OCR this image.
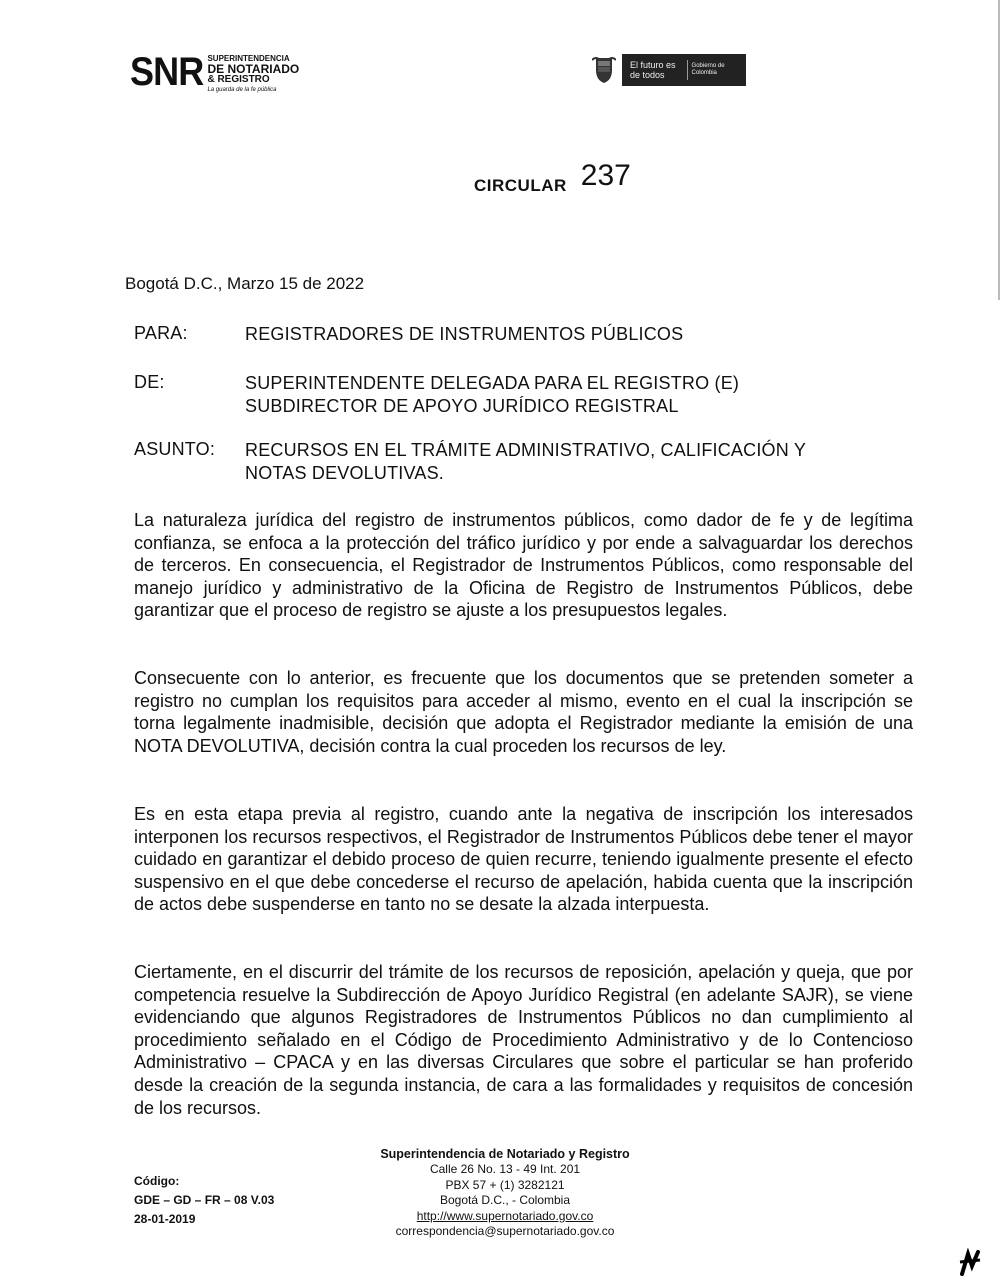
SNR SUPERINTENDENCIA
DE NOTARIADO
& REGISTRO
La guarda de la fe pública
El futuro es de todos
Gobierno de Colombia
CIRCULAR 237
Bogotá D.C., Marzo 15 de 2022
PARA:	REGISTRADORES DE INSTRUMENTOS PÚBLICOS
DE:	SUPERINTENDENTE DELEGADA PARA EL REGISTRO (E)
SUBDIRECTOR DE APOYO JURÍDICO REGISTRAL
ASUNTO: RECURSOS EN EL TRÁMITE ADMINISTRATIVO, CALIFICACIÓN Y NOTAS DEVOLUTIVAS.

La naturaleza jurídica del registro de instrumentos públicos, como dador de fe y de legítima confianza, se enfoca a la protección del tráfico jurídico y por ende a salvaguardar los derechos de terceros. En consecuencia, el Registrador de Instrumentos Públicos, como responsable del manejo jurídico y administrativo de la Oficina de Registro de Instrumentos Públicos, debe garantizar que el proceso de registro se ajuste a los presupuestos legales.

Consecuente con lo anterior, es frecuente que los documentos que se pretenden someter a registro no cumplan los requisitos para acceder al mismo, evento en el cual la inscripción se torna legalmente inadmisible, decisión que adopta el Registrador mediante la emisión de una NOTA DEVOLUTIVA, decisión contra la cual proceden los recursos de ley.

Es en esta etapa previa al registro, cuando ante la negativa de inscripción los interesados interponen los recursos respectivos, el Registrador de Instrumentos Públicos debe tener el mayor cuidado en garantizar el debido proceso de quien recurre, teniendo igualmente presente el efecto suspensivo en el que debe concederse el recurso de apelación, habida cuenta que la inscripción de actos debe suspenderse en tanto no se desate la alzada interpuesta.

Ciertamente, en el discurrir del trámite de los recursos de reposición, apelación y queja, que por competencia resuelve la Subdirección de Apoyo Jurídico Registral (en adelante SAJR), se viene evidenciando que algunos Registradores de Instrumentos Públicos no dan cumplimiento al procedimiento señalado en el Código de Procedimiento Administrativo y de lo Contencioso Administrativo – CPACA y en las diversas Circulares que sobre el particular se han proferido desde la creación de la segunda instancia, de cara a las formalidades y requisitos de concesión de los recursos.

Superintendencia de Notariado y Registro
Calle 26 No. 13 - 49 Int. 201
PBX 57 + (1) 3282121
Bogotá D.C., - Colombia
http://www.supernotariado.gov.co
correspondencia@supernotariado.gov.co
Código:
GDE – GD – FR – 08 V.03
28-01-2019
